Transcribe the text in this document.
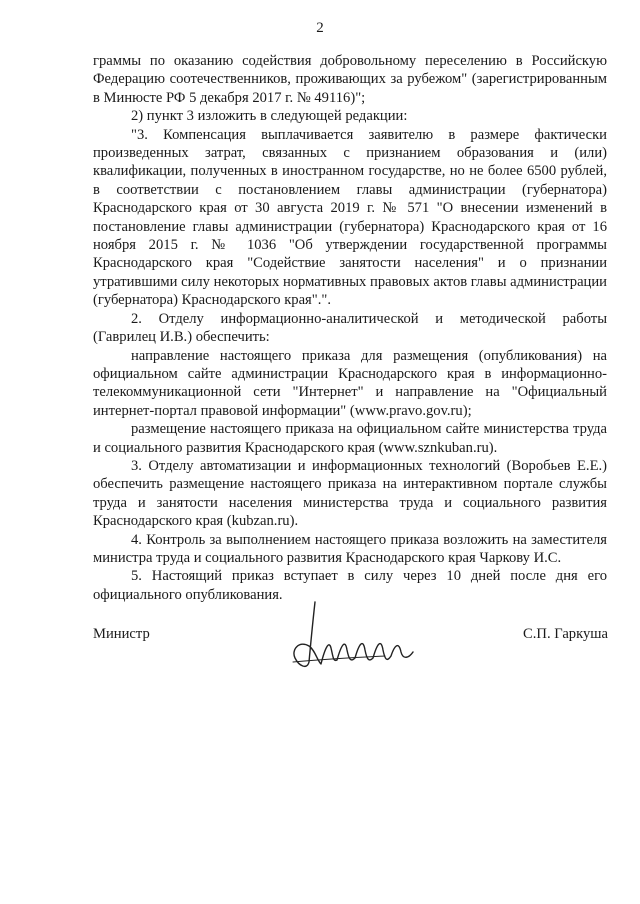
2

граммы по оказанию содействия добровольному переселению в Российскую Федерацию соотечественников, проживающих за рубежом" (зарегистрированным в Минюсте РФ 5 декабря 2017 г. № 49116)";

2) пункт 3 изложить в следующей редакции:

"3. Компенсация выплачивается заявителю в размере фактически произведенных затрат, связанных с признанием образования и (или) квалификации, полученных в иностранном государстве, но не более 6500 рублей, в соответствии с постановлением главы администрации (губернатора) Краснодарского края от 30 августа 2019 г. № 571 "О внесении изменений в постановление главы администрации (губернатора) Краснодарского края от 16 ноября 2015 г. № 1036 "Об утверждении государственной программы Краснодарского края "Содействие занятости населения" и о признании утратившими силу некоторых нормативных правовых актов главы администрации (губернатора) Краснодарского края".".

2. Отделу информационно-аналитической и методической работы (Гаврилец И.В.) обеспечить:

направление настоящего приказа для размещения (опубликования) на официальном сайте администрации Краснодарского края в информационно-телекоммуникационной сети "Интернет" и направление на "Официальный интернет-портал правовой информации" (www.pravo.gov.ru);

размещение настоящего приказа на официальном сайте министерства труда и социального развития Краснодарского края (www.sznkuban.ru).

3. Отделу автоматизации и информационных технологий (Воробьев Е.Е.) обеспечить размещение настоящего приказа на интерактивном портале службы труда и занятости населения министерства труда и социального развития Краснодарского края (kubzan.ru).

4. Контроль за выполнением настоящего приказа возложить на заместителя министра труда и социального развития Краснодарского края Чаркову И.С.

5. Настоящий приказ вступает в силу через 10 дней после дня его официального опубликования.

Министр	С.П. Гаркуша
